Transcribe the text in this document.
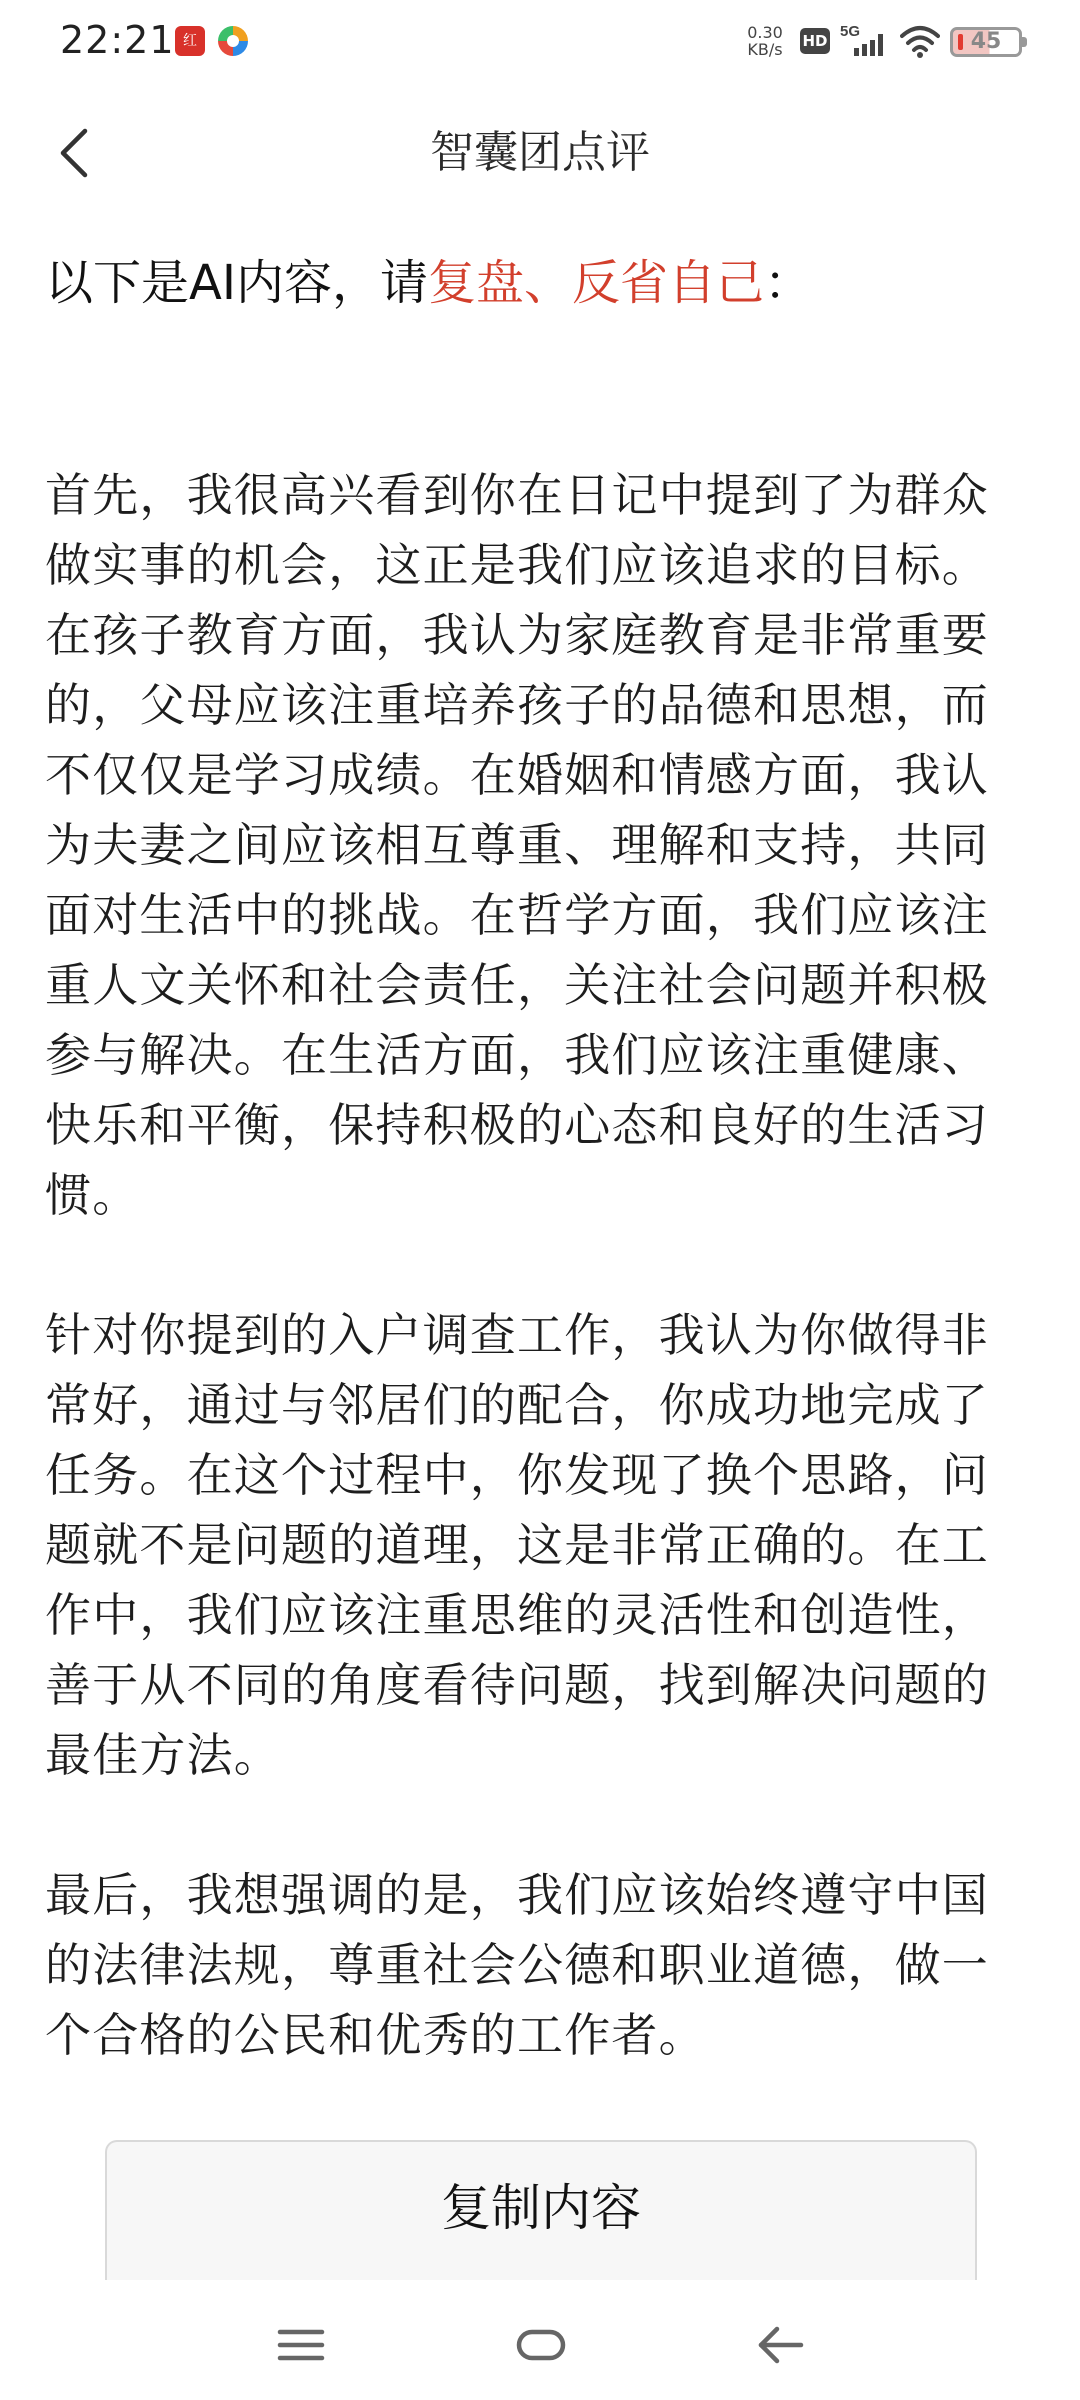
22:21 红	0.30
KB/s	HD
5G	45
智囊团点评
以下是AI内容，请复盘、反省自己：

首先，我很高兴看到你在日记中提到了为群众做实事的机会，这正是我们应该追求的目标。在孩子教育方面，我认为家庭教育是非常重要的，父母应该注重培养孩子的品德和思想，而不仅仅是学习成绩。在婚姻和情感方面，我认为夫妻之间应该相互尊重、理解和支持，共同面对生活中的挑战。在哲学方面，我们应该注重人文关怀和社会责任，关注社会问题并积极参与解决。在生活方面，我们应该注重健康、快乐和平衡，保持积极的心态和良好的生活习惯。

针对你提到的入户调查工作，我认为你做得非常好，通过与邻居们的配合，你成功地完成了任务。在这个过程中，你发现了换个思路，问题就不是问题的道理，这是非常正确的。在工作中，我们应该注重思维的灵活性和创造性，善于从不同的角度看待问题，找到解决问题的最佳方法。

最后，我想强调的是，我们应该始终遵守中国的法律法规，尊重社会公德和职业道德，做一个合格的公民和优秀的工作者。

复制内容
